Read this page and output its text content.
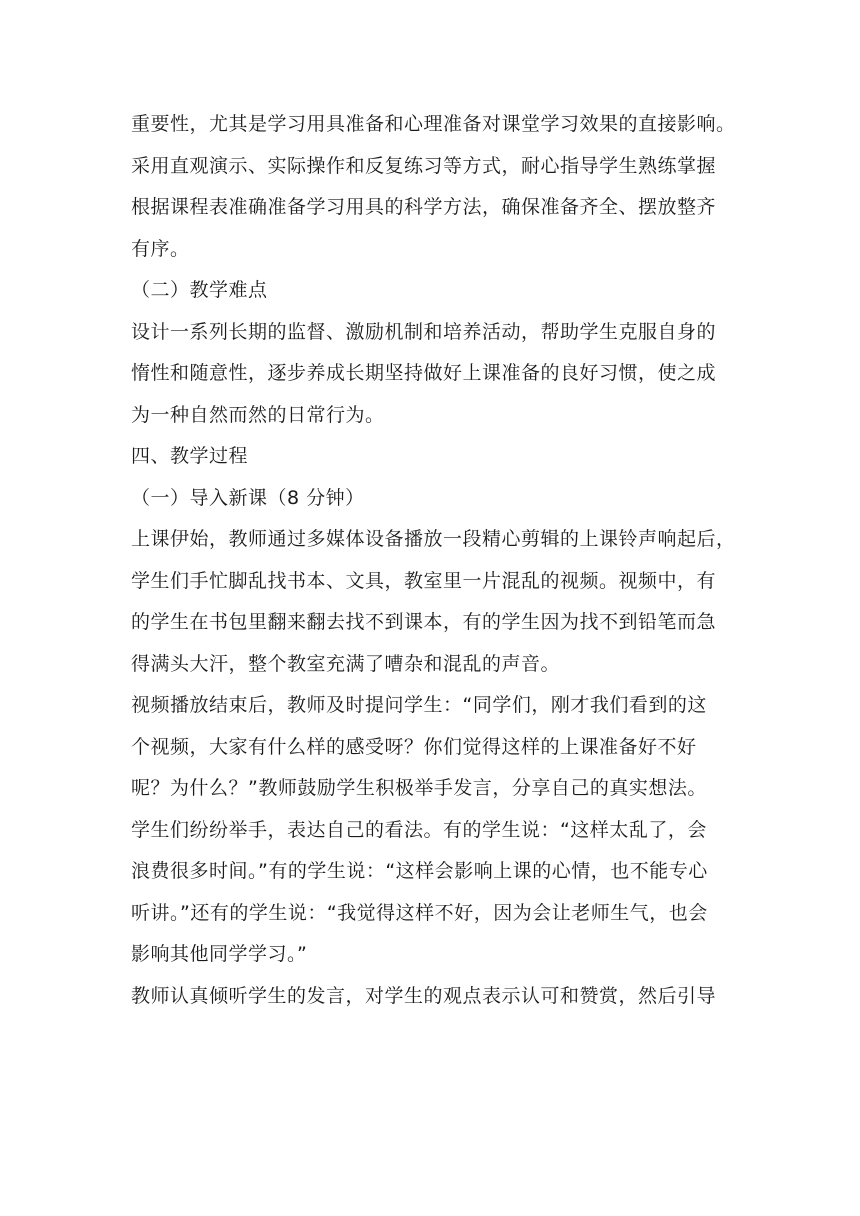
重要性，尤其是学习用具准备和心理准备对课堂学习效果的直接影响。

采用直观演示、实际操作和反复练习等方式，耐心指导学生熟练掌握

根据课程表准确准备学习用具的科学方法，确保准备齐全、摆放整齐

有序。

（二）教学难点

设计一系列长期的监督、激励机制和培养活动，帮助学生克服自身的

惰性和随意性，逐步养成长期坚持做好上课准备的良好习惯，使之成

为一种自然而然的日常行为。

四、教学过程

（一）导入新课（8 分钟）

上课伊始，教师通过多媒体设备播放一段精心剪辑的上课铃声响起后，

学生们手忙脚乱找书本、文具，教室里一片混乱的视频。视频中，有

的学生在书包里翻来翻去找不到课本，有的学生因为找不到铅笔而急

得满头大汗，整个教室充满了嘈杂和混乱的声音。

视频播放结束后，教师及时提问学生：“同学们，刚才我们看到的这

个视频，大家有什么样的感受呀？你们觉得这样的上课准备好不好

呢？为什么？”教师鼓励学生积极举手发言，分享自己的真实想法。

学生们纷纷举手，表达自己的看法。有的学生说：“这样太乱了，会

浪费很多时间。”有的学生说：“这样会影响上课的心情，也不能专心

听讲。”还有的学生说：“我觉得这样不好，因为会让老师生气，也会

影响其他同学学习。”

教师认真倾听学生的发言，对学生的观点表示认可和赞赏，然后引导
